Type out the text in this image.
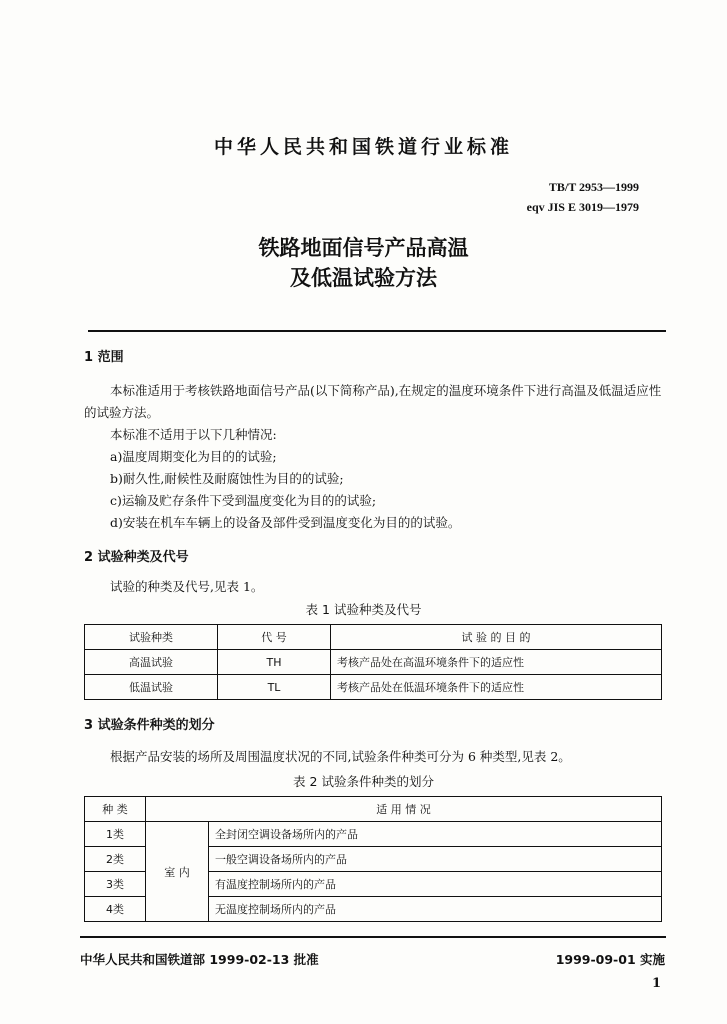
中华人民共和国铁道行业标准
TB/T 2953—1999
eqv JIS E 3019—1979
铁路地面信号产品高温
及低温试验方法
1 范围

本标准适用于考核铁路地面信号产品(以下简称产品),在规定的温度环境条件下进行高温及低温适应性的试验方法。

本标准不适用于以下几种情况:

a)温度周期变化为目的的试验;

b)耐久性,耐候性及耐腐蚀性为目的的试验;

c)运输及贮存条件下受到温度变化为目的的试验;

d)安装在机车车辆上的设备及部件受到温度变化为目的的试验。

2 试验种类及代号
试验的种类及代号,见表 1。
表 1 试验种类及代号
试验种类	代 号	试 验 的 目 的
高温试验	TH	考核产品处在高温环境条件下的适应性
低温试验	TL	考核产品处在低温环境条件下的适应性
3 试验条件种类的划分
根据产品安装的场所及周围温度状况的不同,试验条件种类可分为 6 种类型,见表 2。
表 2 试验条件种类的划分
种 类	适 用 情 况	
1类	室 内	全封闭空调设备场所内的产品
2类		一般空调设备场所内的产品
3类		有温度控制场所内的产品
4类		无温度控制场所内的产品
中华人民共和国铁道部 1999-02-13 批准	1999-09-01 实施
1
